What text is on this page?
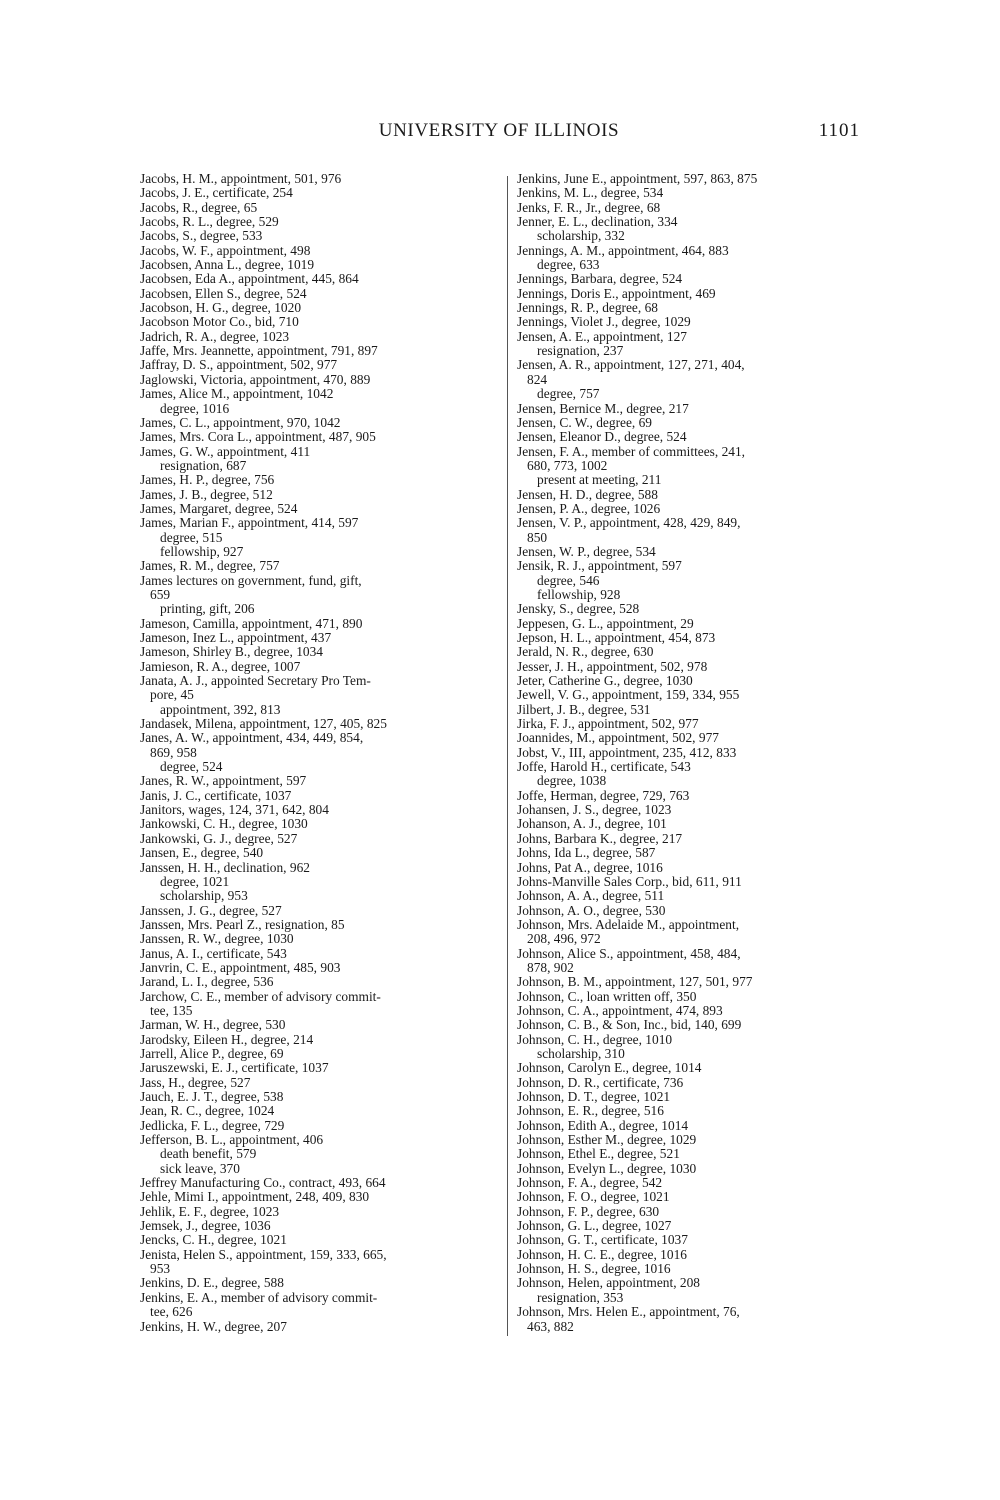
UNIVERSITY OF ILLINOIS	1101
Jacobs, H. M., appointment, 501, 976
Jacobs, J. E., certificate, 254
Jacobs, R., degree, 65
Jacobs, R. L., degree, 529
Jacobs, S., degree, 533
Jacobs, W. F., appointment, 498
Jacobsen, Anna L., degree, 1019
Jacobsen, Eda A., appointment, 445, 864
Jacobsen, Ellen S., degree, 524
Jacobson, H. G., degree, 1020
Jacobson Motor Co., bid, 710
Jadrich, R. A., degree, 1023
Jaffe, Mrs. Jeannette, appointment, 791, 897
Jaffray, D. S., appointment, 502, 977
Jaglowski, Victoria, appointment, 470, 889
James, Alice M., appointment, 1042
degree, 1016
James, C. L., appointment, 970, 1042
James, Mrs. Cora L., appointment, 487, 905
James, G. W., appointment, 411
resignation, 687
James, H. P., degree, 756
James, J. B., degree, 512
James, Margaret, degree, 524
James, Marian F., appointment, 414, 597
degree, 515
fellowship, 927
James, R. M., degree, 757
James lectures on government, fund, gift,
659
printing, gift, 206
Jameson, Camilla, appointment, 471, 890
Jameson, Inez L., appointment, 437
Jameson, Shirley B., degree, 1034
Jamieson, R. A., degree, 1007
Janata, A. J., appointed Secretary Pro Tem-
pore, 45
appointment, 392, 813
Jandasek, Milena, appointment, 127, 405, 825
Janes, A. W., appointment, 434, 449, 854,
869, 958
degree, 524
Janes, R. W., appointment, 597
Janis, J. C., certificate, 1037
Janitors, wages, 124, 371, 642, 804
Jankowski, C. H., degree, 1030
Jankowski, G. J., degree, 527
Jansen, E., degree, 540
Janssen, H. H., declination, 962
degree, 1021
scholarship, 953
Janssen, J. G., degree, 527
Janssen, Mrs. Pearl Z., resignation, 85
Janssen, R. W., degree, 1030
Janus, A. I., certificate, 543
Janvrin, C. E., appointment, 485, 903
Jarand, L. I., degree, 536
Jarchow, C. E., member of advisory commit-
tee, 135
Jarman, W. H., degree, 530
Jarodsky, Eileen H., degree, 214
Jarrell, Alice P., degree, 69
Jaruszewski, E. J., certificate, 1037
Jass, H., degree, 527
Jauch, E. J. T., degree, 538
Jean, R. C., degree, 1024
Jedlicka, F. L., degree, 729
Jefferson, B. L., appointment, 406
death benefit, 579
sick leave, 370
Jeffrey Manufacturing Co., contract, 493, 664
Jehle, Mimi I., appointment, 248, 409, 830
Jehlik, E. F., degree, 1023
Jemsek, J., degree, 1036
Jencks, C. H., degree, 1021
Jenista, Helen S., appointment, 159, 333, 665,
953
Jenkins, D. E., degree, 588
Jenkins, E. A., member of advisory commit-
tee, 626
Jenkins, H. W., degree, 207
Jenkins, June E., appointment, 597, 863, 875
Jenkins, M. L., degree, 534
Jenks, F. R., Jr., degree, 68
Jenner, E. L., declination, 334
scholarship, 332
Jennings, A. M., appointment, 464, 883
degree, 633
Jennings, Barbara, degree, 524
Jennings, Doris E., appointment, 469
Jennings, R. P., degree, 68
Jennings, Violet J., degree, 1029
Jensen, A. E., appointment, 127
resignation, 237
Jensen, A. R., appointment, 127, 271, 404,
824
degree, 757
Jensen, Bernice M., degree, 217
Jensen, C. W., degree, 69
Jensen, Eleanor D., degree, 524
Jensen, F. A., member of committees, 241,
680, 773, 1002
present at meeting, 211
Jensen, H. D., degree, 588
Jensen, P. A., degree, 1026
Jensen, V. P., appointment, 428, 429, 849,
850
Jensen, W. P., degree, 534
Jensik, R. J., appointment, 597
degree, 546
fellowship, 928
Jensky, S., degree, 528
Jeppesen, G. L., appointment, 29
Jepson, H. L., appointment, 454, 873
Jerald, N. R., degree, 630
Jesser, J. H., appointment, 502, 978
Jeter, Catherine G., degree, 1030
Jewell, V. G., appointment, 159, 334, 955
Jilbert, J. B., degree, 531
Jirka, F. J., appointment, 502, 977
Joannides, M., appointment, 502, 977
Jobst, V., III, appointment, 235, 412, 833
Joffe, Harold H., certificate, 543
degree, 1038
Joffe, Herman, degree, 729, 763
Johansen, J. S., degree, 1023
Johanson, A. J., degree, 101
Johns, Barbara K., degree, 217
Johns, Ida L., degree, 587
Johns, Pat A., degree, 1016
Johns-Manville Sales Corp., bid, 611, 911
Johnson, A. A., degree, 511
Johnson, A. O., degree, 530
Johnson, Mrs. Adelaide M., appointment,
208, 496, 972
Johnson, Alice S., appointment, 458, 484,
878, 902
Johnson, B. M., appointment, 127, 501, 977
Johnson, C., loan written off, 350
Johnson, C. A., appointment, 474, 893
Johnson, C. B., & Son, Inc., bid, 140, 699
Johnson, C. H., degree, 1010
scholarship, 310
Johnson, Carolyn E., degree, 1014
Johnson, D. R., certificate, 736
Johnson, D. T., degree, 1021
Johnson, E. R., degree, 516
Johnson, Edith A., degree, 1014
Johnson, Esther M., degree, 1029
Johnson, Ethel E., degree, 521
Johnson, Evelyn L., degree, 1030
Johnson, F. A., degree, 542
Johnson, F. O., degree, 1021
Johnson, F. P., degree, 630
Johnson, G. L., degree, 1027
Johnson, G. T., certificate, 1037
Johnson, H. C. E., degree, 1016
Johnson, H. S., degree, 1016
Johnson, Helen, appointment, 208
resignation, 353
Johnson, Mrs. Helen E., appointment, 76,
463, 882
